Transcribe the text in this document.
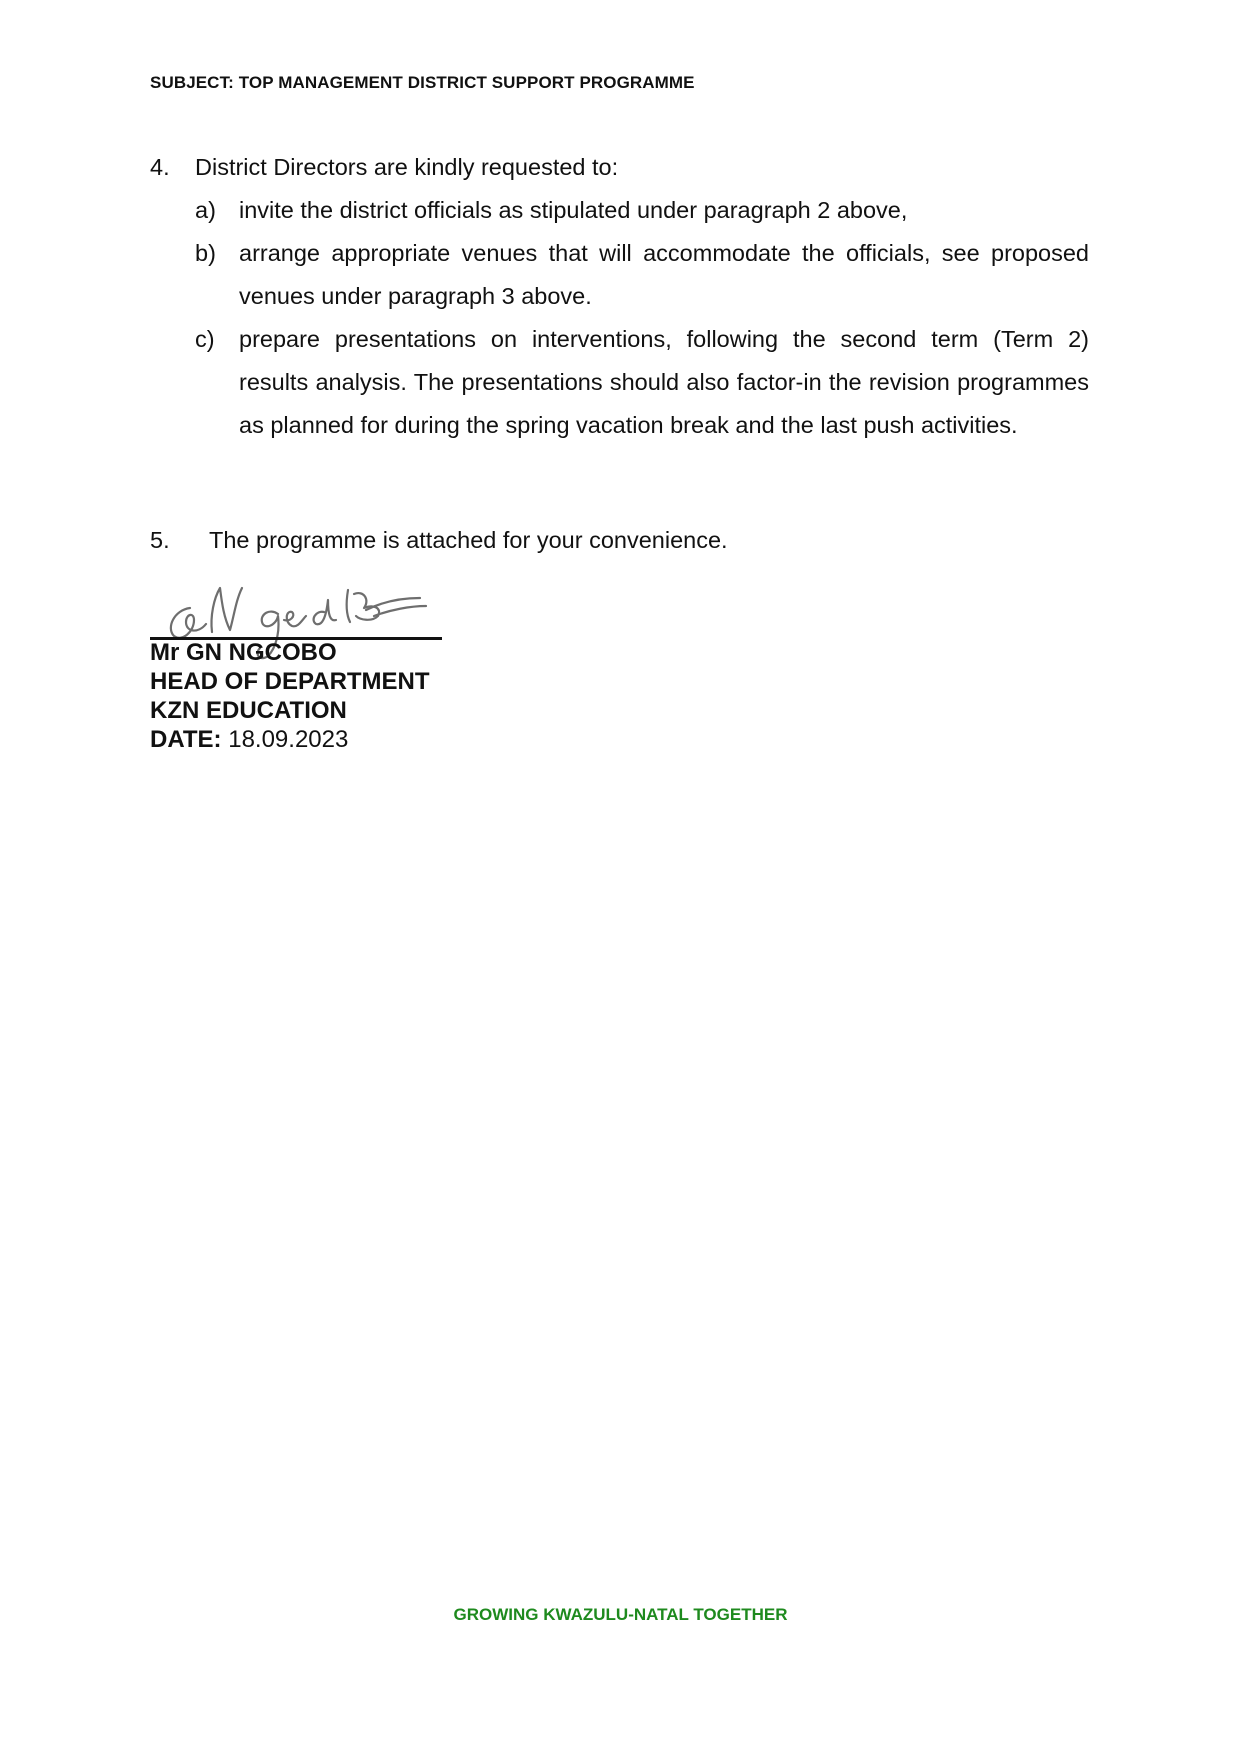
SUBJECT: TOP MANAGEMENT DISTRICT SUPPORT PROGRAMME
4. District Directors are kindly requested to:
a) invite the district officials as stipulated under paragraph 2 above,
b) arrange appropriate venues that will accommodate the officials, see proposed venues under paragraph 3 above.
c) prepare presentations on interventions, following the second term (Term 2) results analysis. The presentations should also factor-in the revision programmes as planned for during the spring vacation break and the last push activities.
5. The programme is attached for your convenience.
Mr GN NGCOBO
HEAD OF DEPARTMENT
KZN EDUCATION
DATE: 18.09.2023
GROWING KWAZULU-NATAL TOGETHER
